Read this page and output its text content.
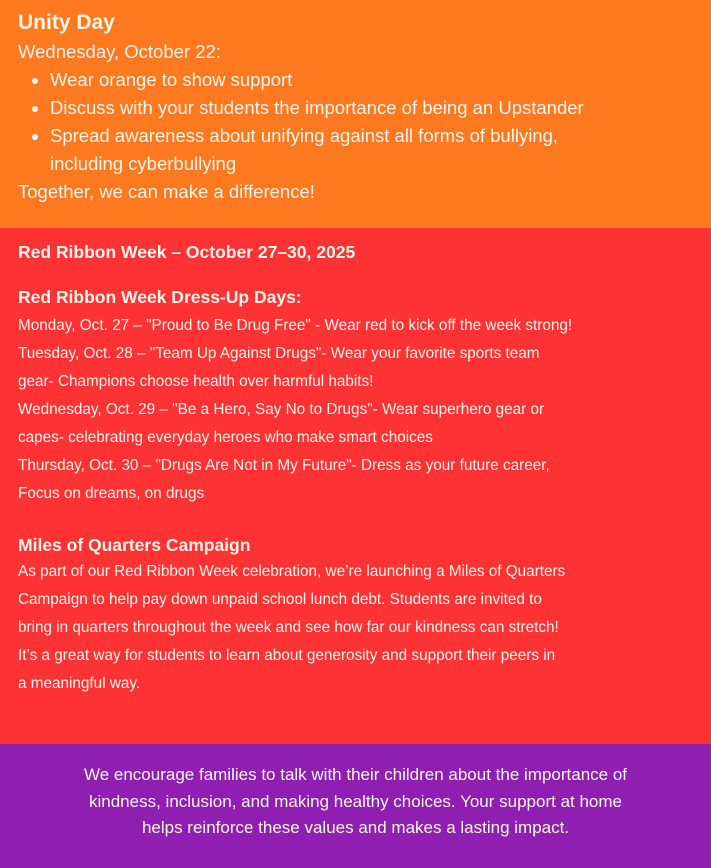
Unity Day
Wednesday, October 22:
• Wear orange to show support
• Discuss with your students the importance of being an Upstander
• Spread awareness about unifying against all forms of bullying,
including cyberbullying
Together, we can make a difference!
Red Ribbon Week – October 27–30, 2025
Red Ribbon Week Dress-Up Days:
Monday, Oct. 27 – "Proud to Be Drug Free" - Wear red to kick off the week strong!
Tuesday, Oct. 28 – "Team Up Against Drugs"- Wear your favorite sports team
gear- Champions choose health over harmful habits!
Wednesday, Oct. 29 – "Be a Hero, Say No to Drugs"- Wear superhero gear or
capes- celebrating everyday heroes who make smart choices
Thursday, Oct. 30 – "Drugs Are Not in My Future"- Dress as your future career,
Focus on dreams, on drugs
Miles of Quarters Campaign
As part of our Red Ribbon Week celebration, we’re launching a Miles of Quarters
Campaign to help pay down unpaid school lunch debt. Students are invited to
bring in quarters throughout the week and see how far our kindness can stretch!
It’s a great way for students to learn about generosity and support their peers in
a meaningful way.
We encourage families to talk with their children about the importance of
kindness, inclusion, and making healthy choices. Your support at home
helps reinforce these values and makes a lasting impact.
